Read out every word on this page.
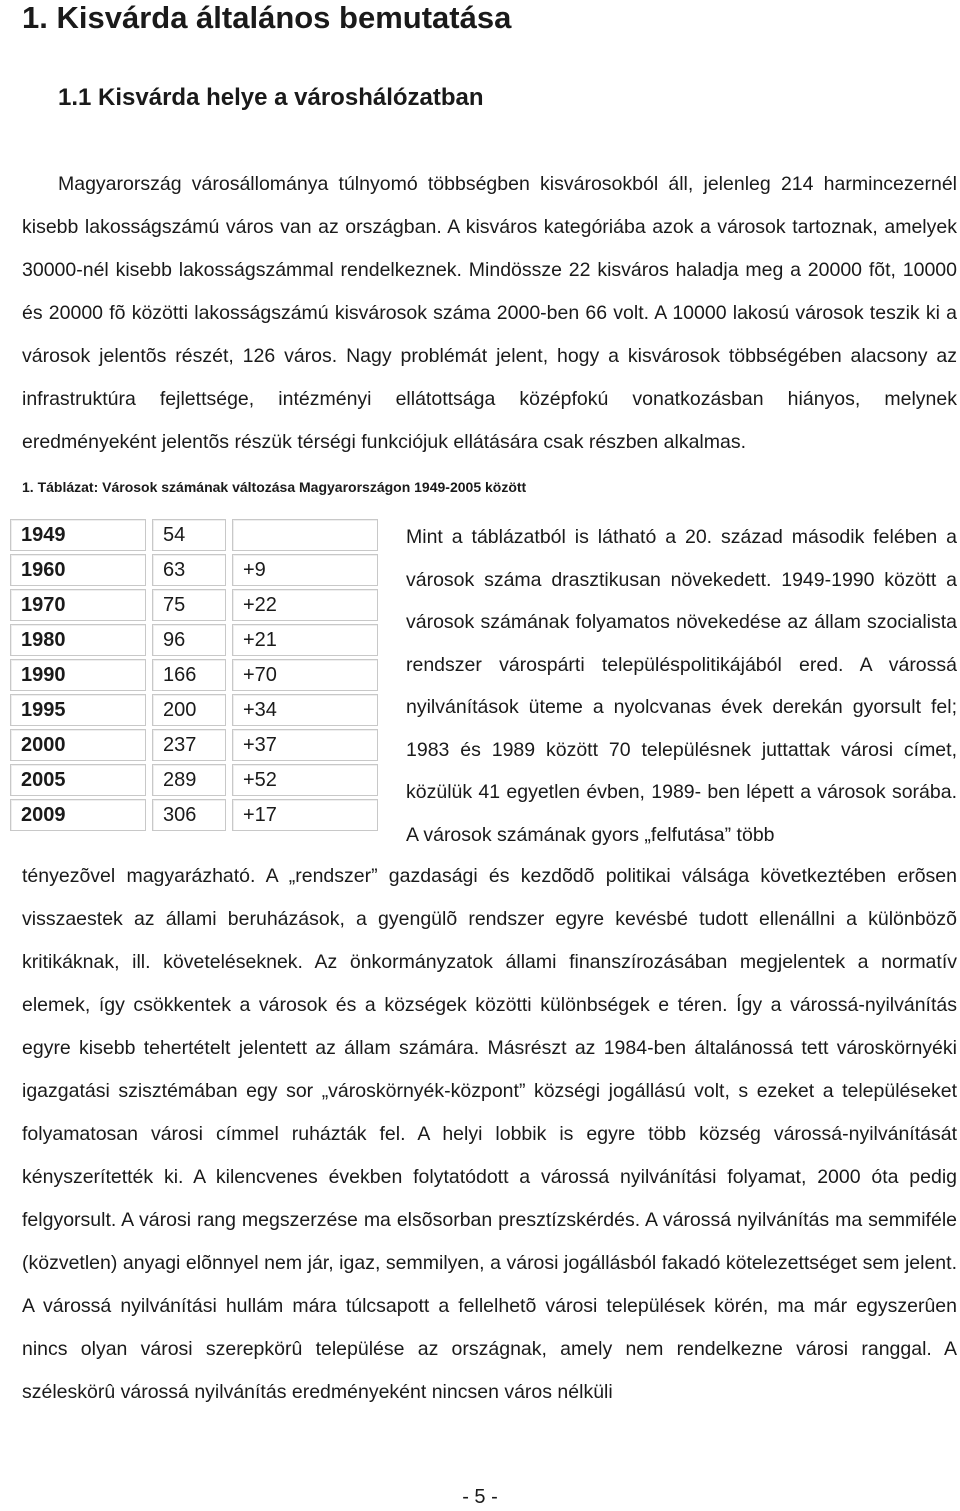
1. Kisvárda általános bemutatása
1.1 Kisvárda helye a városhálózatban

Magyarország városállománya túlnyomó többségben kisvárosokból áll, jelenleg 214 harmincezernél kisebb lakosságszámú város van az országban. A kisváros kategóriába azok a városok tartoznak, amelyek 30000-nél kisebb lakosságszámmal rendelkeznek. Mindössze 22 kisváros haladja meg a 20000 fõt, 10000 és 20000 fõ közötti lakosságszámú kisvárosok száma 2000-ben 66 volt. A 10000 lakosú városok teszik ki a városok jelentõs részét, 126 város. Nagy problémát jelent, hogy a kisvárosok többségében alacsony az infrastruktúra fejlettsége, intézményi ellátottsága középfokú vonatkozásban hiányos, melynek eredményeként jelentõs részük térségi funkciójuk ellátására csak részben alkalmas.

1. Táblázat: Városok számának változása Magyarországon 1949-2005 között

1949	54	
1960	63	+9
1970	75	+22
1980	96	+21
1990	166	+70
1995	200	+34
2000	237	+37
2005	289	+52
2009	306	+17

Mint a táblázatból is látható a 20. század második felében a városok száma drasztikusan növekedett. 1949-1990 között a városok számának folyamatos növekedése az állam szocialista rendszer várospárti településpolitikájából ered. A várossá nyilvánítások üteme a nyolcvanas évek derekán gyorsult fel; 1983 és 1989 között 70 településnek juttattak városi címet, közülük 41 egyetlen évben, 1989- ben lépett a városok sorába. A városok számának gyors „felfutása” több

tényezõvel magyarázható. A „rendszer” gazdasági és kezdõdõ politikai válsága következtében erõsen visszaestek az állami beruházások, a gyengülõ rendszer egyre kevésbé tudott ellenállni a különbözõ kritikáknak, ill. követeléseknek. Az önkormányzatok állami finanszírozásában megjelentek a normatív elemek, így csökkentek a városok és a községek közötti különbségek e téren. Így a várossá-nyilvánítás egyre kisebb tehertételt jelentett az állam számára. Másrészt az 1984-ben általánossá tett városkörnyéki igazgatási szisztémában egy sor „városkörnyék-központ” községi jogállású volt, s ezeket a településeket folyamatosan városi címmel ruházták fel. A helyi lobbik is egyre több község várossá-nyilvánítását kényszerítették ki. A kilencvenes években folytatódott a várossá nyilvánítási folyamat, 2000 óta pedig felgyorsult. A városi rang megszerzése ma elsõsorban presztízskérdés. A várossá nyilvánítás ma semmiféle (közvetlen) anyagi elõnnyel nem jár, igaz, semmilyen, a városi jogállásból fakadó kötelezettséget sem jelent. A várossá nyilvánítási hullám mára túlcsapott a fellelhetõ városi települések körén, ma már egyszerûen nincs olyan városi szerepkörû települése az országnak, amely nem rendelkezne városi ranggal. A széleskörû várossá nyilvánítás eredményeként nincsen város nélküli

- 5 -
